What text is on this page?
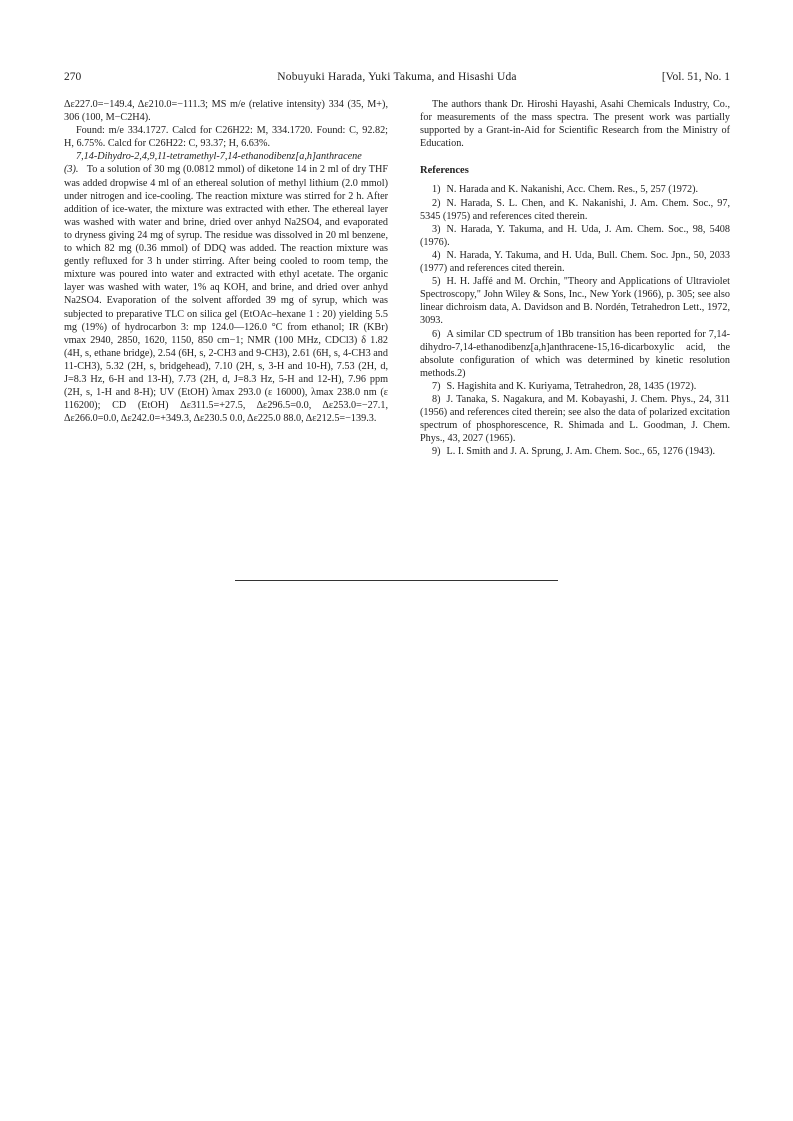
270	Nobuyuki Harada, Yuki Takuma, and Hisashi Uda	[Vol. 51, No. 1

Δε227.0=−149.4, Δε210.0=−111.3; MS m/e (relative intensity) 334 (35, M+), 306 (100, M−C2H4).

Found: m/e 334.1727. Calcd for C26H22: M, 334.1720. Found: C, 92.82; H, 6.75%. Calcd for C26H22: C, 93.37; H, 6.63%.

7,14-Dihydro-2,4,9,11-tetramethyl-7,14-ethanodibenz[a,h]anthracene (3). To a solution of 30 mg (0.0812 mmol) of diketone 14 in 2 ml of dry THF was added dropwise 4 ml of an ethereal solution of methyl lithium (2.0 mmol) under nitrogen and ice-cooling. The reaction mixture was stirred for 2 h. After addition of ice-water, the mixture was extracted with ether. The ethereal layer was washed with water and brine, dried over anhyd Na2SO4, and evaporated to dryness giving 24 mg of syrup. The residue was dissolved in 20 ml benzene, to which 82 mg (0.36 mmol) of DDQ was added. The reaction mixture was gently refluxed for 3 h under stirring. After being cooled to room temp, the mixture was poured into water and extracted with ethyl acetate. The organic layer was washed with water, 1% aq KOH, and brine, and dried over anhyd Na2SO4. Evaporation of the solvent afforded 39 mg of syrup, which was subjected to preparative TLC on silica gel (EtOAc–hexane 1 : 20) yielding 5.5 mg (19%) of hydrocarbon 3: mp 124.0—126.0 °C from ethanol; IR (KBr) νmax 2940, 2850, 1620, 1150, 850 cm−1; NMR (100 MHz, CDCl3) δ 1.82 (4H, s, ethane bridge), 2.54 (6H, s, 2-CH3 and 9-CH3), 2.61 (6H, s, 4-CH3 and 11-CH3), 5.32 (2H, s, bridgehead), 7.10 (2H, s, 3-H and 10-H), 7.53 (2H, d, J=8.3 Hz, 6-H and 13-H), 7.73 (2H, d, J=8.3 Hz, 5-H and 12-H), 7.96 ppm (2H, s, 1-H and 8-H); UV (EtOH) λmax 293.0 (ε 16000), λmax 238.0 nm (ε 116200); CD (EtOH) Δε311.5=+27.5, Δε296.5=0.0, Δε253.0=−27.1, Δε266.0=0.0, Δε242.0=+349.3, Δε230.5 0.0, Δε225.0 88.0, Δε212.5=−139.3.

The authors thank Dr. Hiroshi Hayashi, Asahi Chemicals Industry, Co., for measurements of the mass spectra. The present work was partially supported by a Grant-in-Aid for Scientific Research from the Ministry of Education.

References

1) N. Harada and K. Nakanishi, Acc. Chem. Res., 5, 257 (1972).

2) N. Harada, S. L. Chen, and K. Nakanishi, J. Am. Chem. Soc., 97, 5345 (1975) and references cited therein.

3) N. Harada, Y. Takuma, and H. Uda, J. Am. Chem. Soc., 98, 5408 (1976).

4) N. Harada, Y. Takuma, and H. Uda, Bull. Chem. Soc. Jpn., 50, 2033 (1977) and references cited therein.

5) H. H. Jaffé and M. Orchin, "Theory and Applications of Ultraviolet Spectroscopy," John Wiley & Sons, Inc., New York (1966), p. 305; see also linear dichroism data, A. Davidson and B. Nordén, Tetrahedron Lett., 1972, 3093.

6) A similar CD spectrum of 1Bb transition has been reported for 7,14-dihydro-7,14-ethanodibenz[a,h]anthracene-15,16-dicarboxylic acid, the absolute configuration of which was determined by kinetic resolution methods.2)

7) S. Hagishita and K. Kuriyama, Tetrahedron, 28, 1435 (1972).

8) J. Tanaka, S. Nagakura, and M. Kobayashi, J. Chem. Phys., 24, 311 (1956) and references cited therein; see also the data of polarized excitation spectrum of phosphorescence, R. Shimada and L. Goodman, J. Chem. Phys., 43, 2027 (1965).

9) L. I. Smith and J. A. Sprung, J. Am. Chem. Soc., 65, 1276 (1943).
